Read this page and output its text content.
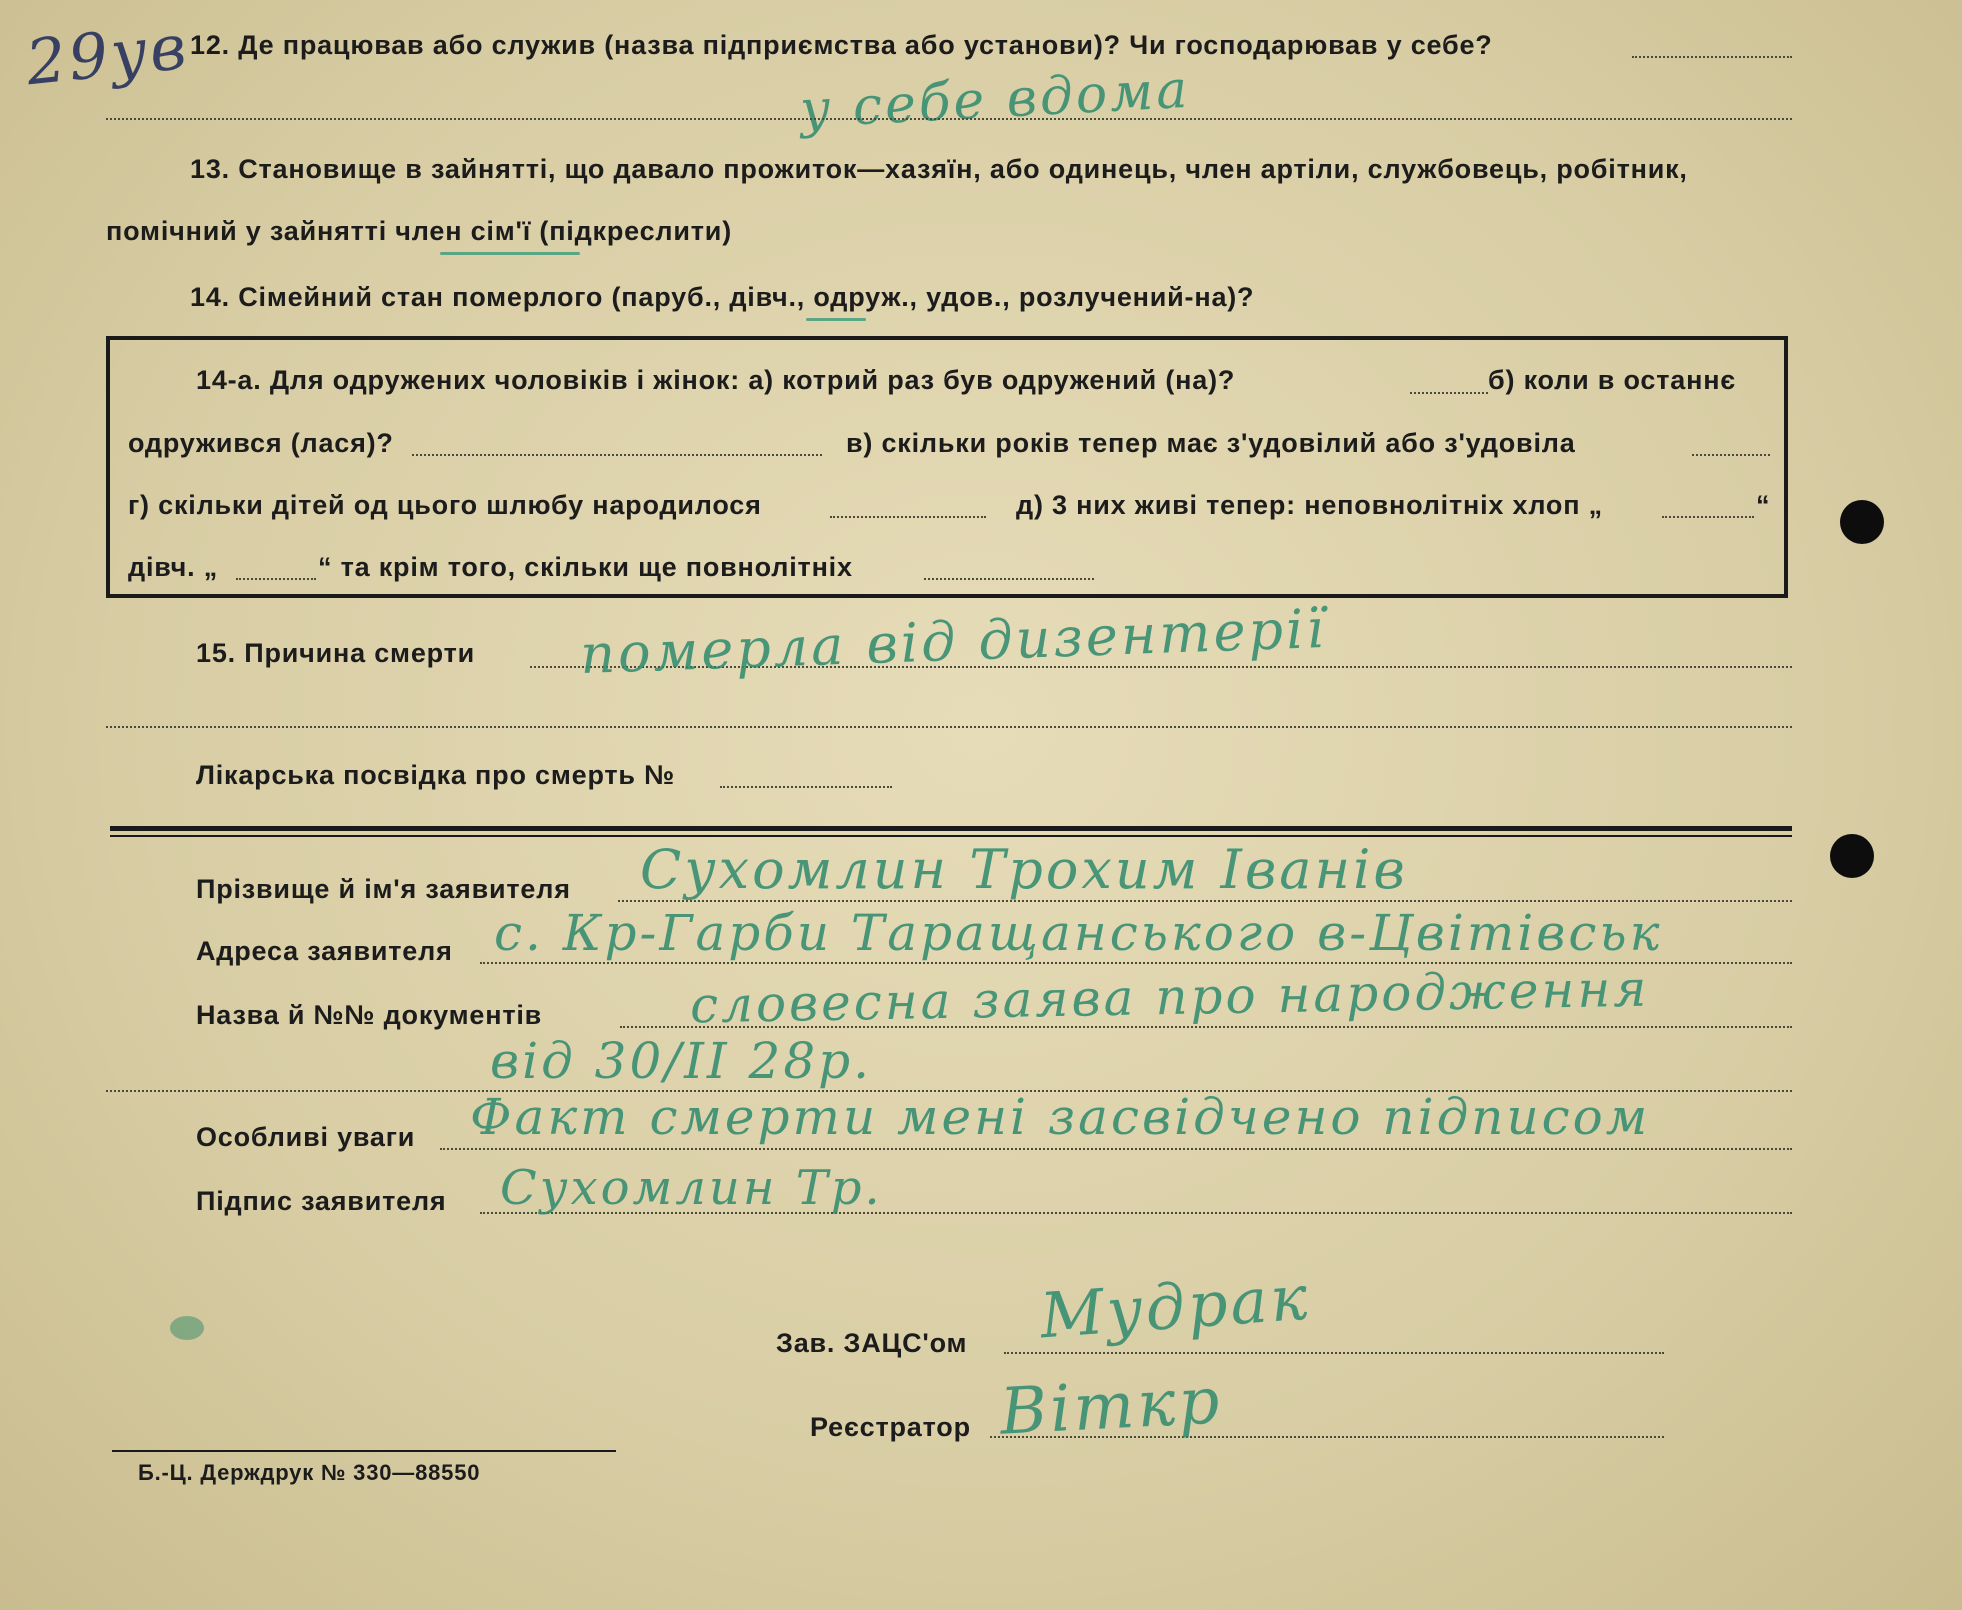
29ув
12. Де працював або служив (назва підприємства або установи)? Чи господарював у себе?
у себе вдома
13. Становище в зайнятті, що давало прожиток—хазяїн, або одинець, член артіли, службовець, робітник,
помічний у зайнятті член сім'ї (підкреслити)
14. Сімейний стан померлого (паруб., дівч., одруж., удов., розлучений-на)?
14-а. Для одружених чоловіків і жінок: а) котрий раз був одружений (на)?	б) коли в останнє
одружився (лася)?	в) скільки років тепер має з'удовілий або з'удовіла
г) скільки дітей од цього шлюбу народилося	д) 3 них живі тепер: неповнолітніх хлоп „	“
дівч. „	“ та крім того, скільки ще повнолітніх
15. Причина смерти померла від дизентерії
Лікарська посвідка про смерть №
Прізвище й ім'я заявителя Сухомлин Трохим Іванів
Адреса заявителя с. Кр-Гарби Таращанського в-Цвітівськ
Назва й №№ документів	словесна заява про народження
від 30/ІІ 28р.
Особливі уваги Факт смерти мені засвідчено підписом
Підпис заявителя Сухомлин Тр.
Зав. ЗАЦС'ом Мудрак
Реєстратор Віткр
Б.-Ц. Держдрук № 330—88550
